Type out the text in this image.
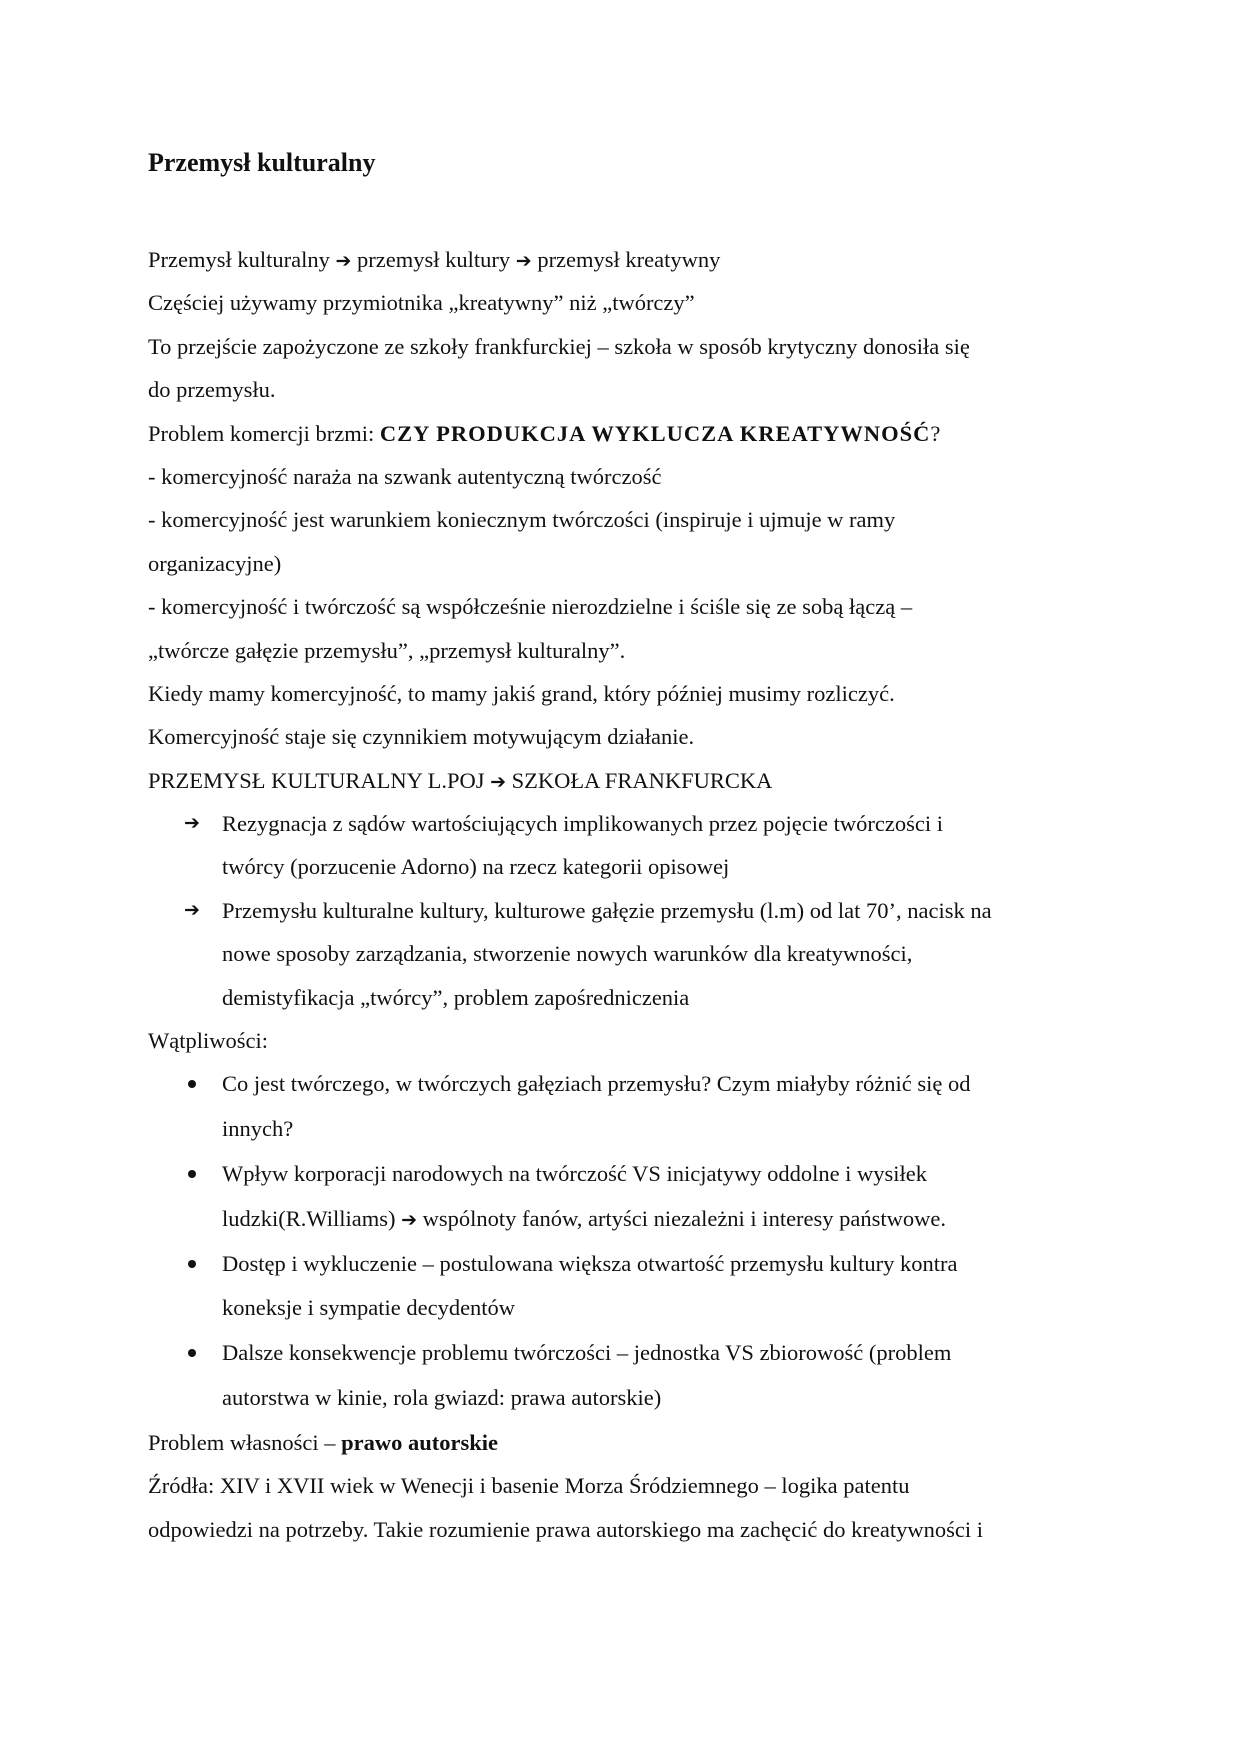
Przemysł kulturalny
Przemysł kulturalny ➔ przemysł kultury ➔ przemysł kreatywny
Częściej używamy przymiotnika „kreatywny” niż „twórczy”
To przejście zapożyczone ze szkoły frankfurckiej – szkoła w sposób krytyczny donosiła się
do przemysłu.
Problem komercji brzmi: CZY PRODUKCJA WYKLUCZA KREATYWNOŚĆ?
- komercyjność naraża na szwank autentyczną twórczość
- komercyjność jest warunkiem koniecznym twórczości (inspiruje i ujmuje w ramy
organizacyjne)
- komercyjność i twórczość są współcześnie nierozdzielne i ściśle się ze sobą łączą –
„twórcze gałęzie przemysłu”, „przemysł kulturalny”.
Kiedy mamy komercyjność, to mamy jakiś grand, który później musimy rozliczyć.
Komercyjność staje się czynnikiem motywującym działanie.
PRZEMYSŁ KULTURALNY L.POJ ➔ SZKOŁA FRANKFURCKA
➔ Rezygnacja z sądów wartościujących implikowanych przez pojęcie twórczości i
twórcy (porzucenie Adorno) na rzecz kategorii opisowej
➔ Przemysłu kulturalne kultury, kulturowe gałęzie przemysłu (l.m) od lat 70’, nacisk na
nowe sposoby zarządzania, stworzenie nowych warunków dla kreatywności,
demistyfikacja „twórcy”, problem zapośredniczenia
Wątpliwości:
Co jest twórczego, w twórczych gałęziach przemysłu? Czym miałyby różnić się od
innych?
Wpływ korporacji narodowych na twórczość VS inicjatywy oddolne i wysiłek
ludzki(R.Williams) ➔ wspólnoty fanów, artyści niezależni i interesy państwowe.
Dostęp i wykluczenie – postulowana większa otwartość przemysłu kultury kontra
koneksje i sympatie decydentów
Dalsze konsekwencje problemu twórczości – jednostka VS zbiorowość (problem
autorstwa w kinie, rola gwiazd: prawa autorskie)
Problem własności – prawo autorskie
Źródła: XIV i XVII wiek w Wenecji i basenie Morza Śródziemnego – logika patentu
odpowiedzi na potrzeby. Takie rozumienie prawa autorskiego ma zachęcić do kreatywności i
